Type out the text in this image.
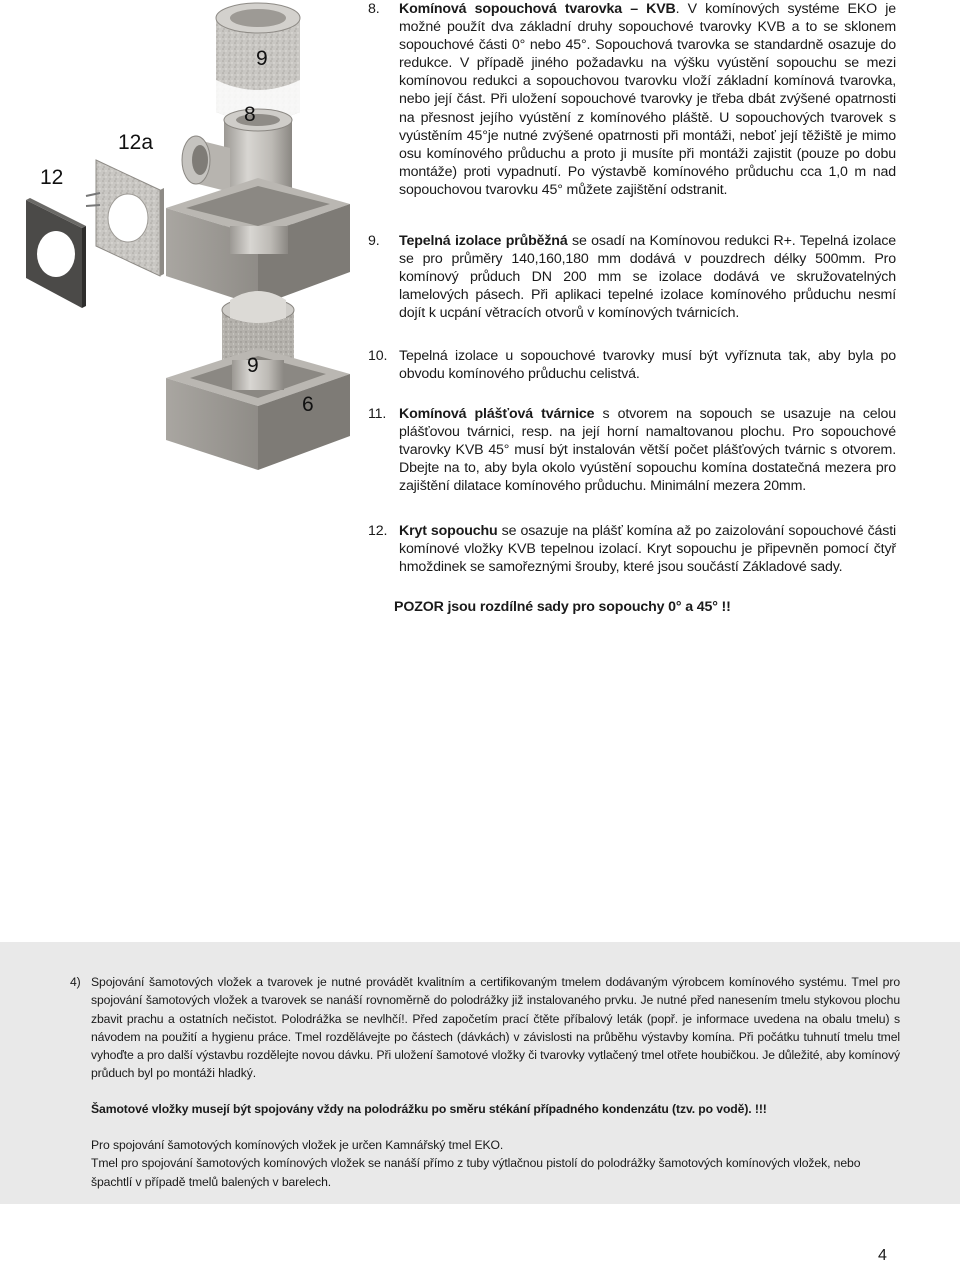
12
12a
9
8
9
6
8. Komínová sopouchová tvarovka – KVB. V komínových systéme EKO je možné použít dva základní druhy sopouchové tvarovky KVB a to se sklonem sopouchové části 0° nebo 45°. Sopouchová tvarovka se standardně osazuje do redukce. V případě jiného požadavku na výšku vyústění sopouchu se mezi komínovou redukci a sopouchovou tvarovku vloží základní komínová tvarovka, nebo její část. Při uložení sopouchové tvarovky je třeba dbát zvýšené opatrnosti na přesnost jejího vyústění z komínového pláště. U sopouchových tvarovek s vyústěním 45°je nutné zvýšené opatrnosti při montáži, neboť její těžiště je mimo osu komínového průduchu a proto ji musíte při montáži zajistit (pouze po dobu montáže) proti vypadnutí. Po výstavbě komínového průduchu cca 1,0 m nad sopouchovou tvarovku 45° můžete zajištění odstranit.
9. Tepelná izolace průběžná se osadí na Komínovou redukci R+. Tepelná izolace se pro průměry 140,160,180 mm dodává v pouzdrech délky 500mm. Pro komínový průduch DN 200 mm se izolace dodává ve skružovatelných lamelových pásech. Při aplikaci tepelné izolace komínového průduchu nesmí dojít k ucpání větracích otvorů v komínových tvárnicích.
10. Tepelná izolace u sopouchové tvarovky musí být vyříznuta tak, aby byla po obvodu komínového průduchu celistvá.
11. Komínová plášťová tvárnice s otvorem na sopouch se usazuje na celou plášťovou tvárnici, resp. na její horní namaltovanou plochu. Pro sopouchové tvarovky KVB 45° musí být instalován větší počet plášťových tvárnic s otvorem. Dbejte na to, aby byla okolo vyústění sopouchu komína dostatečná mezera pro zajištění dilatace komínového průduchu. Minimální mezera 20mm.
12. Kryt sopouchu se osazuje na plášť komína až po zaizolování sopouchové části komínové vložky KVB tepelnou izolací. Kryt sopouchu je připevněn pomocí čtyř hmoždinek se samořeznými šrouby, které jsou součástí Základové sady.
POZOR jsou rozdílné sady pro sopouchy 0° a 45° !!
4) Spojování šamotových vložek a tvarovek je nutné provádět kvalitním a certifikovaným tmelem dodávaným výrobcem komínového systému. Tmel pro spojování šamotových vložek a tvarovek se nanáší rovnoměrně do polodrážky již instalovaného prvku. Je nutné před nanesením tmelu stykovou plochu zbavit prachu a ostatních nečistot. Polodrážka se nevlhčí!. Před započetím prací čtěte příbalový leták (popř. je informace uvedena na obalu tmelu) s návodem na použití a hygienu práce. Tmel rozdělávejte po částech (dávkách) v závislosti na průběhu výstavby komína. Při počátku tuhnutí tmelu tmel vyhoďte a pro další výstavbu rozdělejte novou dávku. Při uložení šamotové vložky či tvarovky vytlačený tmel otřete houbičkou. Je důležité, aby komínový průduch byl po montáži hladký.
Šamotové vložky musejí být spojovány vždy na polodrážku po směru stékání případného kondenzátu (tzv. po vodě). !!!
Pro spojování šamotových komínových vložek je určen Kamnářský tmel EKO.
Tmel pro spojování šamotových komínových vložek se nanáší přímo z tuby výtlačnou pistolí do polodrážky šamotových komínových vložek, nebo špachtlí v případě tmelů balených v barelech.
4
